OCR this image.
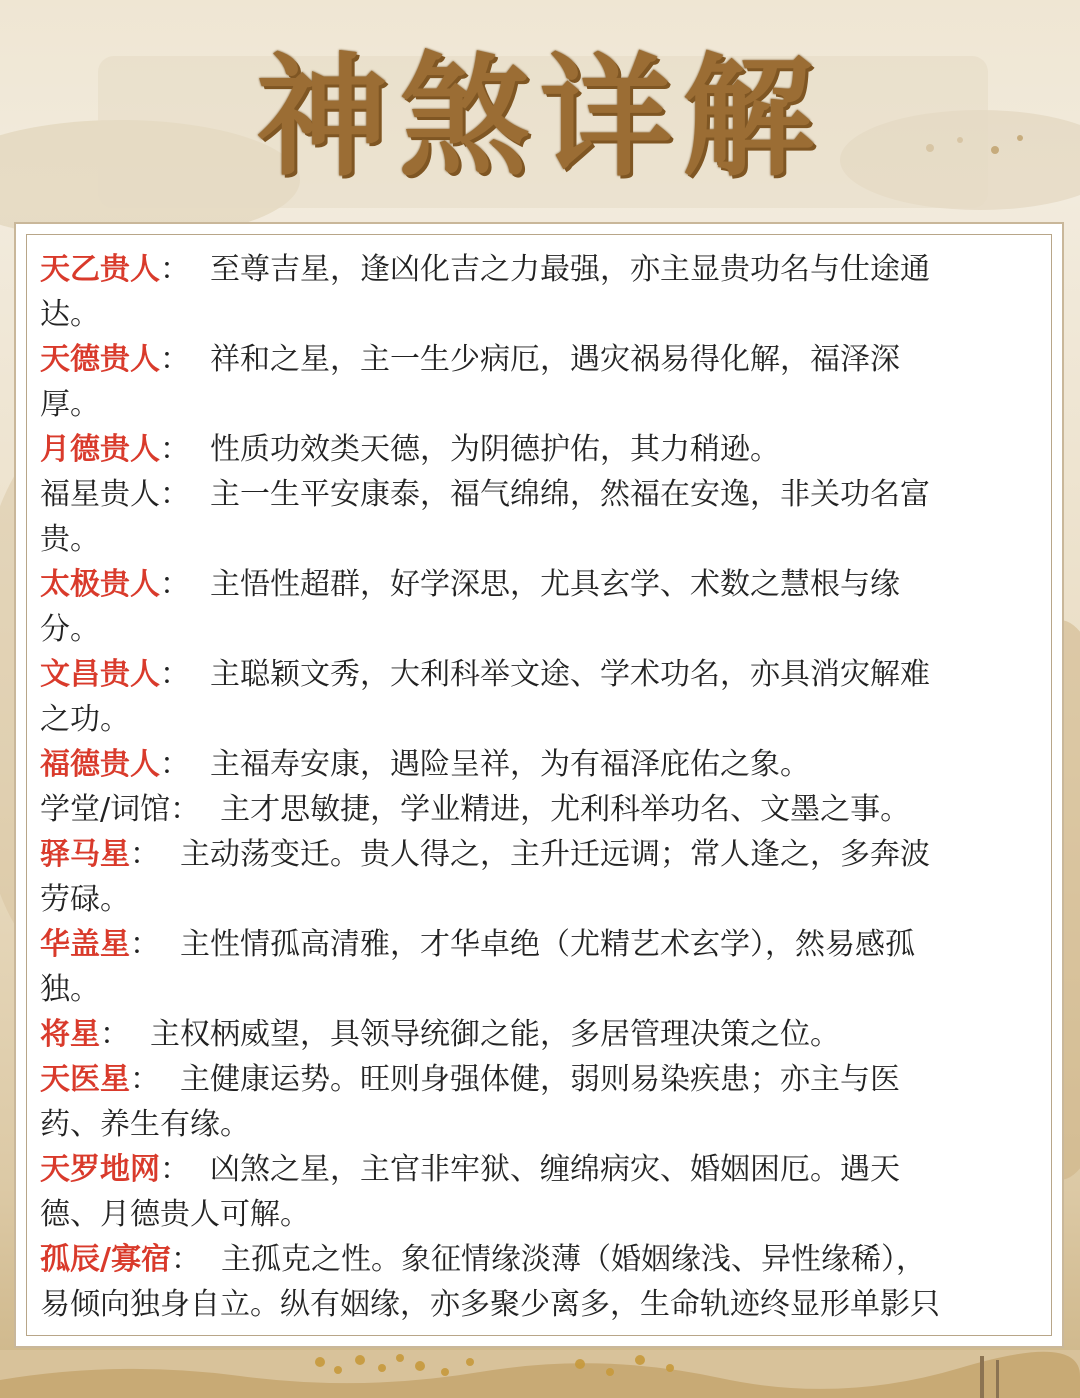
神煞详解

天乙贵人： 至尊吉星，逢凶化吉之力最强，亦主显贵功名与仕途通
达。

天德贵人： 祥和之星，主一生少病厄，遇灾祸易得化解，福泽深
厚。

月德贵人： 性质功效类天德，为阴德护佑，其力稍逊。

福星贵人： 主一生平安康泰，福气绵绵，然福在安逸，非关功名富
贵。

太极贵人： 主悟性超群，好学深思，尤具玄学、术数之慧根与缘
分。

文昌贵人： 主聪颖文秀，大利科举文途、学术功名，亦具消灾解难
之功。

福德贵人： 主福寿安康，遇险呈祥，为有福泽庇佑之象。

学堂/词馆： 主才思敏捷，学业精进，尤利科举功名、文墨之事。

驿马星： 主动荡变迁。贵人得之，主升迁远调；常人逢之，多奔波
劳碌。

华盖星： 主性情孤高清雅，才华卓绝（尤精艺术玄学），然易感孤
独。

将星： 主权柄威望，具领导统御之能，多居管理决策之位。

天医星： 主健康运势。旺则身强体健，弱则易染疾患；亦主与医
药、养生有缘。

天罗地网： 凶煞之星，主官非牢狱、缠绵病灾、婚姻困厄。遇天
德、月德贵人可解。

孤辰/寡宿： 主孤克之性。象征情缘淡薄（婚姻缘浅、异性缘稀），
易倾向独身自立。纵有姻缘，亦多聚少离多，生命轨迹终显形单影只
